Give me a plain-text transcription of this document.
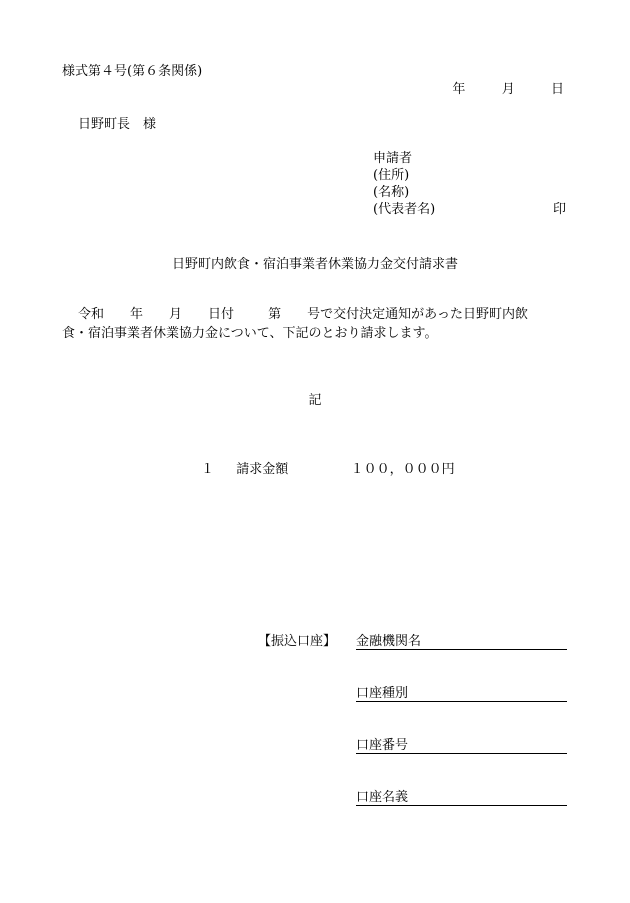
様式第４号(第６条関係)
年	月	日
日野町長　様
申請者
(住所)
(名称)
(代表者名)	印
日野町内飲食・宿泊事業者休業協力金交付請求書
令和 年 月 日付	第 号で交付決定通知があった日野町内飲
食・宿泊事業者休業協力金について、下記のとおり請求します。
記
１ 請求金額	１００，０００円
【振込口座】 金融機関名
口座種別
口座番号
口座名義
